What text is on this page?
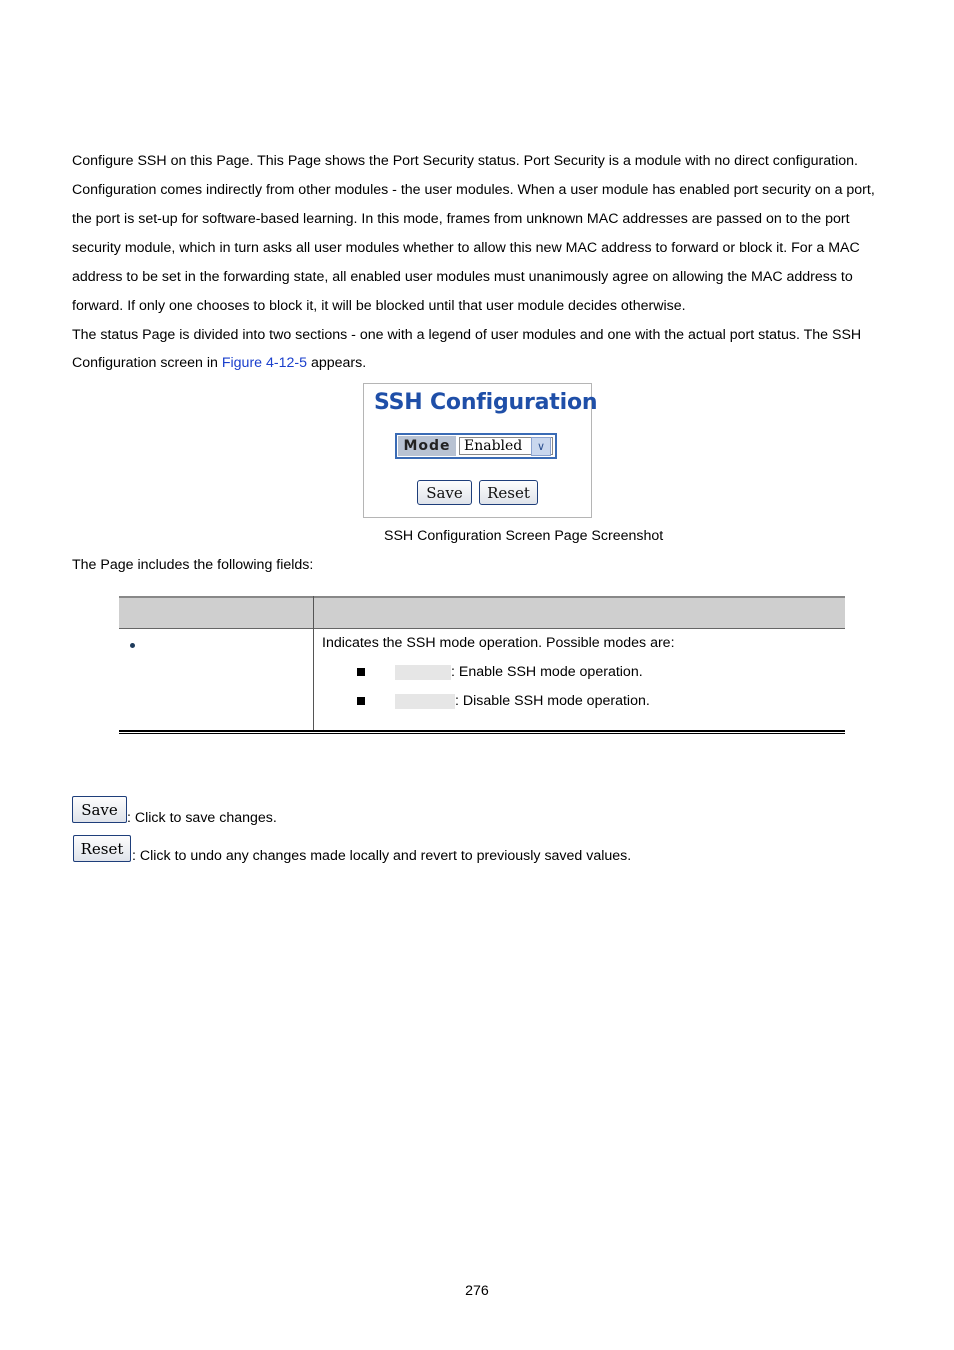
Configure SSH on this Page. This Page shows the Port Security status. Port Security is a module with no direct configuration.

Configuration comes indirectly from other modules - the user modules. When a user module has enabled port security on a port,

the port is set-up for software-based learning. In this mode, frames from unknown MAC addresses are passed on to the port

security module, which in turn asks all user modules whether to allow this new MAC address to forward or block it. For a MAC

address to be set in the forwarding state, all enabled user modules must unanimously agree on allowing the MAC address to

forward. If only one chooses to block it, it will be blocked until that user module decides otherwise.

The status Page is divided into two sections - one with a legend of user modules and one with the actual port status. The SSH

Configuration screen in Figure 4-12-5 appears.

SSH Configuration
Mode Enabled	∨
Save	Reset
SSH Configuration Screen Page Screenshot
The Page includes the following fields:
Indicates the SSH mode operation. Possible modes are:
: Enable SSH mode operation.
: Disable SSH mode operation.
Save : Click to save changes.
Reset : Click to undo any changes made locally and revert to previously saved values.
276
